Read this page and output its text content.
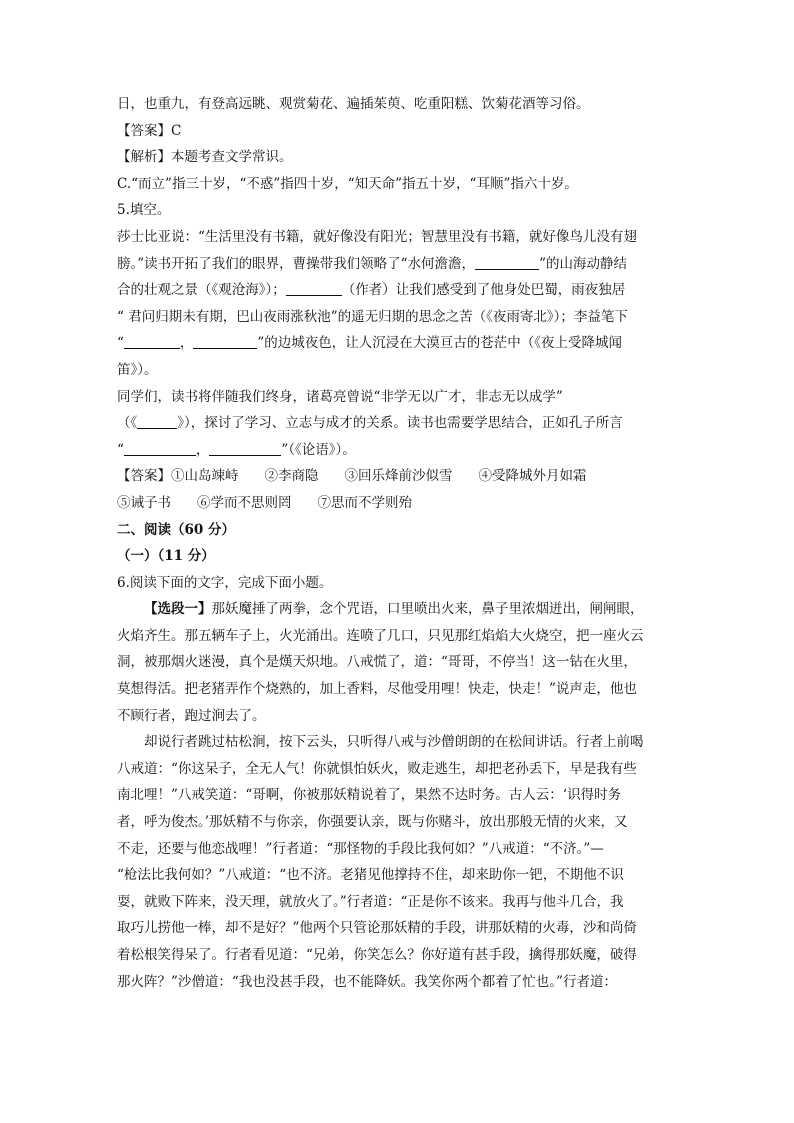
日，也重九，有登高远眺、观赏菊花、遍插茱萸、吃重阳糕、饮菊花酒等习俗。
【答案】C
【解析】本题考查文学常识。
C.“而立”指三十岁，“不惑”指四十岁，“知天命”指五十岁，“耳顺”指六十岁。
5.填空。
莎士比亚说：“生活里没有书籍，就好像没有阳光；智慧里没有书籍，就好像鸟儿没有翅
膀。”读书开拓了我们的眼界，曹操带我们领略了“水何澹澹，	”的山海动静结
合的壮观之景（《观沧海》）；	（作者）让我们感受到了他身处巴蜀，雨夜独居
“ 君问归期未有期，巴山夜雨涨秋池”的遥无归期的思念之苦（《夜雨寄北》）；李益笔下
“	，	”的边城夜色，让人沉浸在大漠亘古的苍茫中（《夜上受降城闻
笛》）。
同学们，读书将伴随我们终身，诸葛亮曾说“非学无以广才，非志无以成学”
（《	》），探讨了学习、立志与成才的关系。读书也需要学思结合，正如孔子所言
“	，	”（《论语》）。
【答案】①山岛竦峙 ②李商隐 ③回乐烽前沙似雪 ④受降城外月如霜
⑤诫子书 ⑥学而不思则罔 ⑦思而不学则殆
二、阅读（60 分）
（一）（11 分）
6.阅读下面的文字，完成下面小题。
【选段一】那妖魔捶了两拳，念个咒语，口里喷出火来，鼻子里浓烟迸出，闸闸眼，
火焰齐生。那五辆车子上，火光涌出。连喷了几口，只见那红焰焰大火烧空，把一座火云
洞，被那烟火迷漫，真个是熯天炽地。八戒慌了，道：“哥哥，不停当！这一钻在火里，
莫想得活。把老猪弄作个烧熟的，加上香料，尽他受用哩！快走，快走！”说声走，他也
不顾行者，跑过涧去了。
却说行者跳过枯松涧，按下云头，只听得八戒与沙僧朗朗的在松间讲话。行者上前喝
八戒道：“你这呆子，全无人气！你就惧怕妖火，败走逃生，却把老孙丢下，早是我有些
南北哩！”八戒笑道：“哥啊，你被那妖精说着了，果然不达时务。古人云：‘识得时务
者，呼为俊杰。’那妖精不与你亲，你强要认亲，既与你赌斗，放出那般无情的火来，又
不走，还要与他恋战哩！”行者道：“那怪物的手段比我何如？”八戒道：“不济。”—
“枪法比我何如？”八戒道：“也不济。老猪见他撑持不住，却来助你一钯，不期他不识
耍，就败下阵来，没天理，就放火了。”行者道：“正是你不该来。我再与他斗几合，我
取巧儿捞他一棒，却不是好？”他两个只管论那妖精的手段，讲那妖精的火毒，沙和尚倚
着松根笑得呆了。行者看见道：“兄弟，你笑怎么？你好道有甚手段，擒得那妖魔，破得
那火阵？”沙僧道：“我也没甚手段，也不能降妖。我笑你两个都着了忙也。”行者道：
